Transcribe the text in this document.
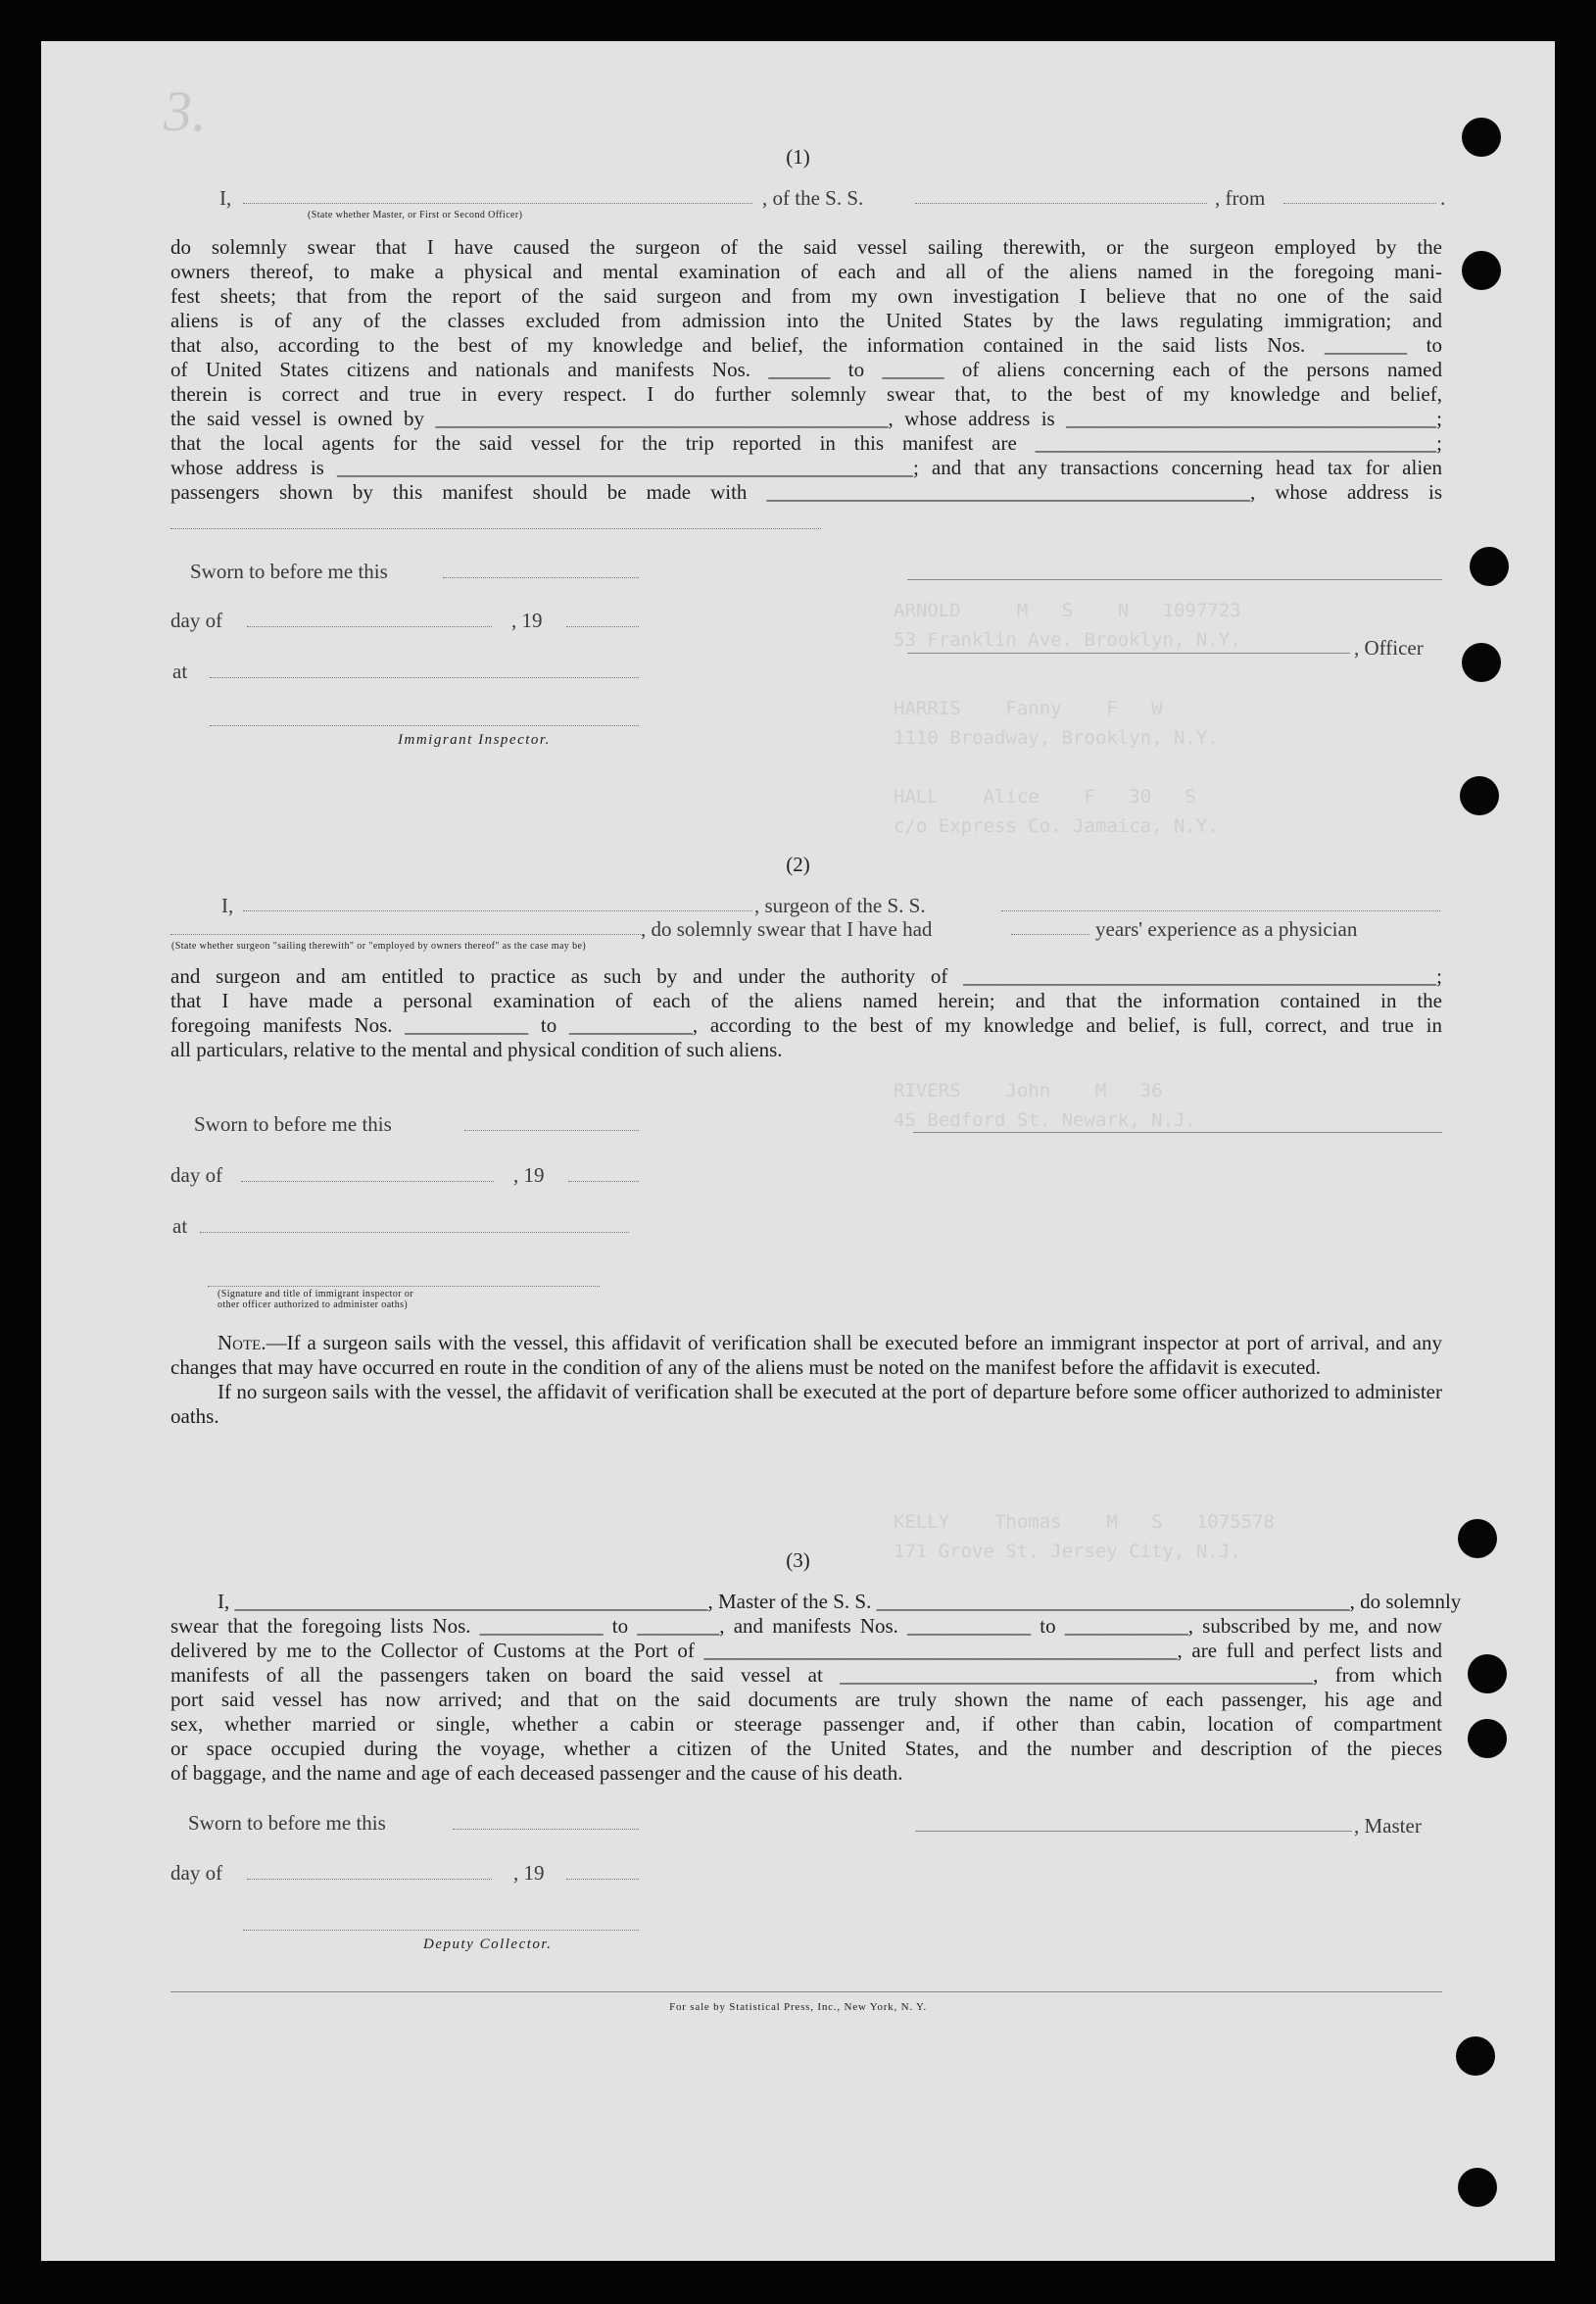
3.
ARNOLD     M   S    N   1097723
53 Franklin Ave. Brooklyn, N.Y.
HARRIS    Fanny    F   W
1110 Broadway, Brooklyn, N.Y.
HALL    Alice    F   30   S
c/o Express Co. Jamaica, N.Y.
RIVERS    John    M   36
45 Bedford St. Newark, N.J.
KELLY    Thomas    M   S   1075578
171 Grove St. Jersey City, N.J.
(1)
I,	, of the S. S.	, from	.
(State whether Master, or First or Second Officer)
do solemnly swear that I have caused the surgeon of the said vessel sailing therewith, or the surgeon employed by the
owners thereof, to make a physical and mental examination of each and all of the aliens named in the foregoing mani-
fest sheets; that from the report of the said surgeon and from my own investigation I believe that no one of the said
aliens is of any of the classes excluded from admission into the United States by the laws regulating immigration; and
that also, according to the best of my knowledge and belief, the information contained in the said lists Nos. ________ to
of United States citizens and nationals and manifests Nos. ______ to ______ of aliens concerning each of the persons named
therein is correct and true in every respect. I do further solemnly swear that, to the best of my knowledge and belief,
the said vessel is owned by ____________________________________________, whose address is ____________________________________;
that the local agents for the said vessel for the trip reported in this manifest are _______________________________________;
whose address is ________________________________________________________; and that any transactions concerning head tax for alien
passengers shown by this manifest should be made with _______________________________________________, whose address is
Sworn to before me this
day of	, 19
, Officer
at
Immigrant Inspector.
(2)
I,	, surgeon of the S. S.
, do solemnly swear that I have had	years' experience as a physician
(State whether surgeon "sailing therewith" or "employed by owners thereof" as the case may be)
and surgeon and am entitled to practice as such by and under the authority of ______________________________________________;
that I have made a personal examination of each of the aliens named herein; and that the information contained in the
foregoing manifests Nos. ____________ to ____________, according to the best of my knowledge and belief, is full, correct, and true in
all particulars, relative to the mental and physical condition of such aliens.
Sworn to before me this
day of	, 19
at
(Signature and title of immigrant inspector or
other officer authorized to administer oaths)

Note.—If a surgeon sails with the vessel, this affidavit of verification shall be executed before an immigrant inspector at port of arrival, and any changes that may have occurred en route in the condition of any of the aliens must be noted on the manifest before the affidavit is executed.

If no surgeon sails with the vessel, the affidavit of verification shall be executed at the port of departure before some officer authorized to administer oaths.

(3)
I, ______________________________________________, Master of the S. S. ______________________________________________, do solemnly
swear that the foregoing lists Nos. ____________ to ________, and manifests Nos. ____________ to ____________, subscribed by me, and now
delivered by me to the Collector of Customs at the Port of ______________________________________________, are full and perfect lists and
manifests of all the passengers taken on board the said vessel at ______________________________________________, from which
port said vessel has now arrived; and that on the said documents are truly shown the name of each passenger, his age and
sex, whether married or single, whether a cabin or steerage passenger and, if other than cabin, location of compartment
or space occupied during the voyage, whether a citizen of the United States, and the number and description of the pieces
of baggage, and the name and age of each deceased passenger and the cause of his death.
Sworn to before me this	, Master
day of	, 19
Deputy Collector.
For sale by Statistical Press, Inc., New York, N. Y.
